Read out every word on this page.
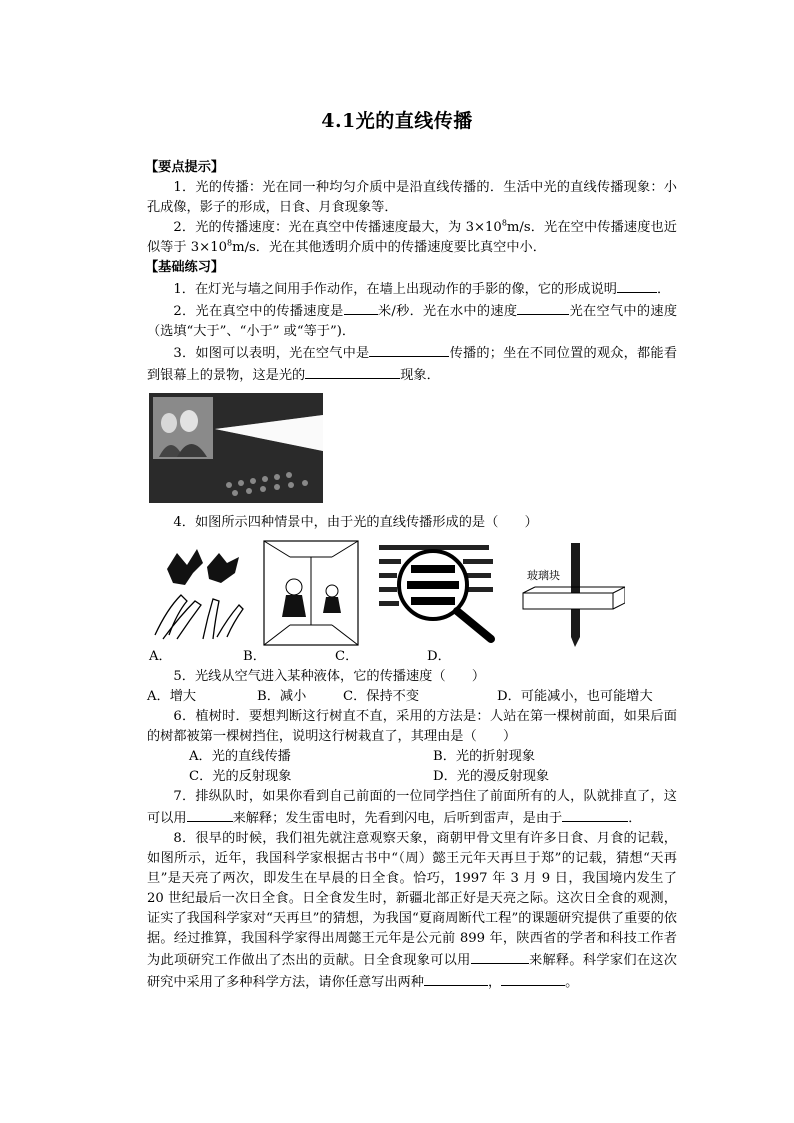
4.1光的直线传播

【要点提示】

1．光的传播：光在同一种均匀介质中是沿直线传播的．生活中光的直线传播现象：小孔成像，影子的形成，日食、月食现象等．

2．光的传播速度：光在真空中传播速度最大，为 $3\times 10^8m/s$．光在空中传播速度也近似等于 $3\times 10^8m/s$．光在其他透明介质中的传播速度要比真空中小．

【基础练习】

1．在灯光与墙之间用手作动作，在墙上出现动作的手影的像，它的形成说明	．

2．光在真空中的传播速度是	米/秒．光在水中的速度	光在空气中的速度（选填“大于”、“小于” 或“等于”)．

3．如图可以表明，光在空气中是	传播的；坐在不同位置的观众，都能看到银幕上的景物，这是光的	现象．

4．如图所示四种情景中，由于光的直线传播形成的是（　　）

玻璃块
A．	B．	C．	D．

5．光线从空气进入某种液体，它的传播速度（　　）

A．增大	B．减小	C．保持不变	D．可能减小，也可能增大

6．植树时．要想判断这行树直不直，采用的方法是：人站在第一棵树前面，如果后面的树都被第一棵树挡住，说明这行树栽直了，其理由是（　　）

A．光的直线传播	B．光的折射现象
C．光的反射现象	D．光的漫反射现象

7．排纵队时，如果你看到自己前面的一位同学挡住了前面所有的人，队就排直了，这可以用	来解释；发生雷电时，先看到闪电，后听到雷声，是由于	．

8．很早的时候，我们祖先就注意观察天象，商朝甲骨文里有许多日食、月食的记载，如图所示，近年，我国科学家根据古书中“（周）懿王元年天再旦于郑”的记载，猜想“天再旦”是天亮了两次，即发生在早晨的日全食。恰巧，1997 年 3 月 9 日，我国境内发生了 20 世纪最后一次日全食。日全食发生时，新疆北部正好是天亮之际。这次日全食的观测，证实了我国科学家对“天再旦”的猜想，为我国“夏商周断代工程”的课题研究提供了重要的依据。经过推算，我国科学家得出周懿王元年是公元前 899 年，陕西省的学者和科技工作者为此项研究工作做出了杰出的贡献。日全食现象可以用	来解释。科学家们在这次研究中采用了多种科学方法，请你任意写出两种	，	。
